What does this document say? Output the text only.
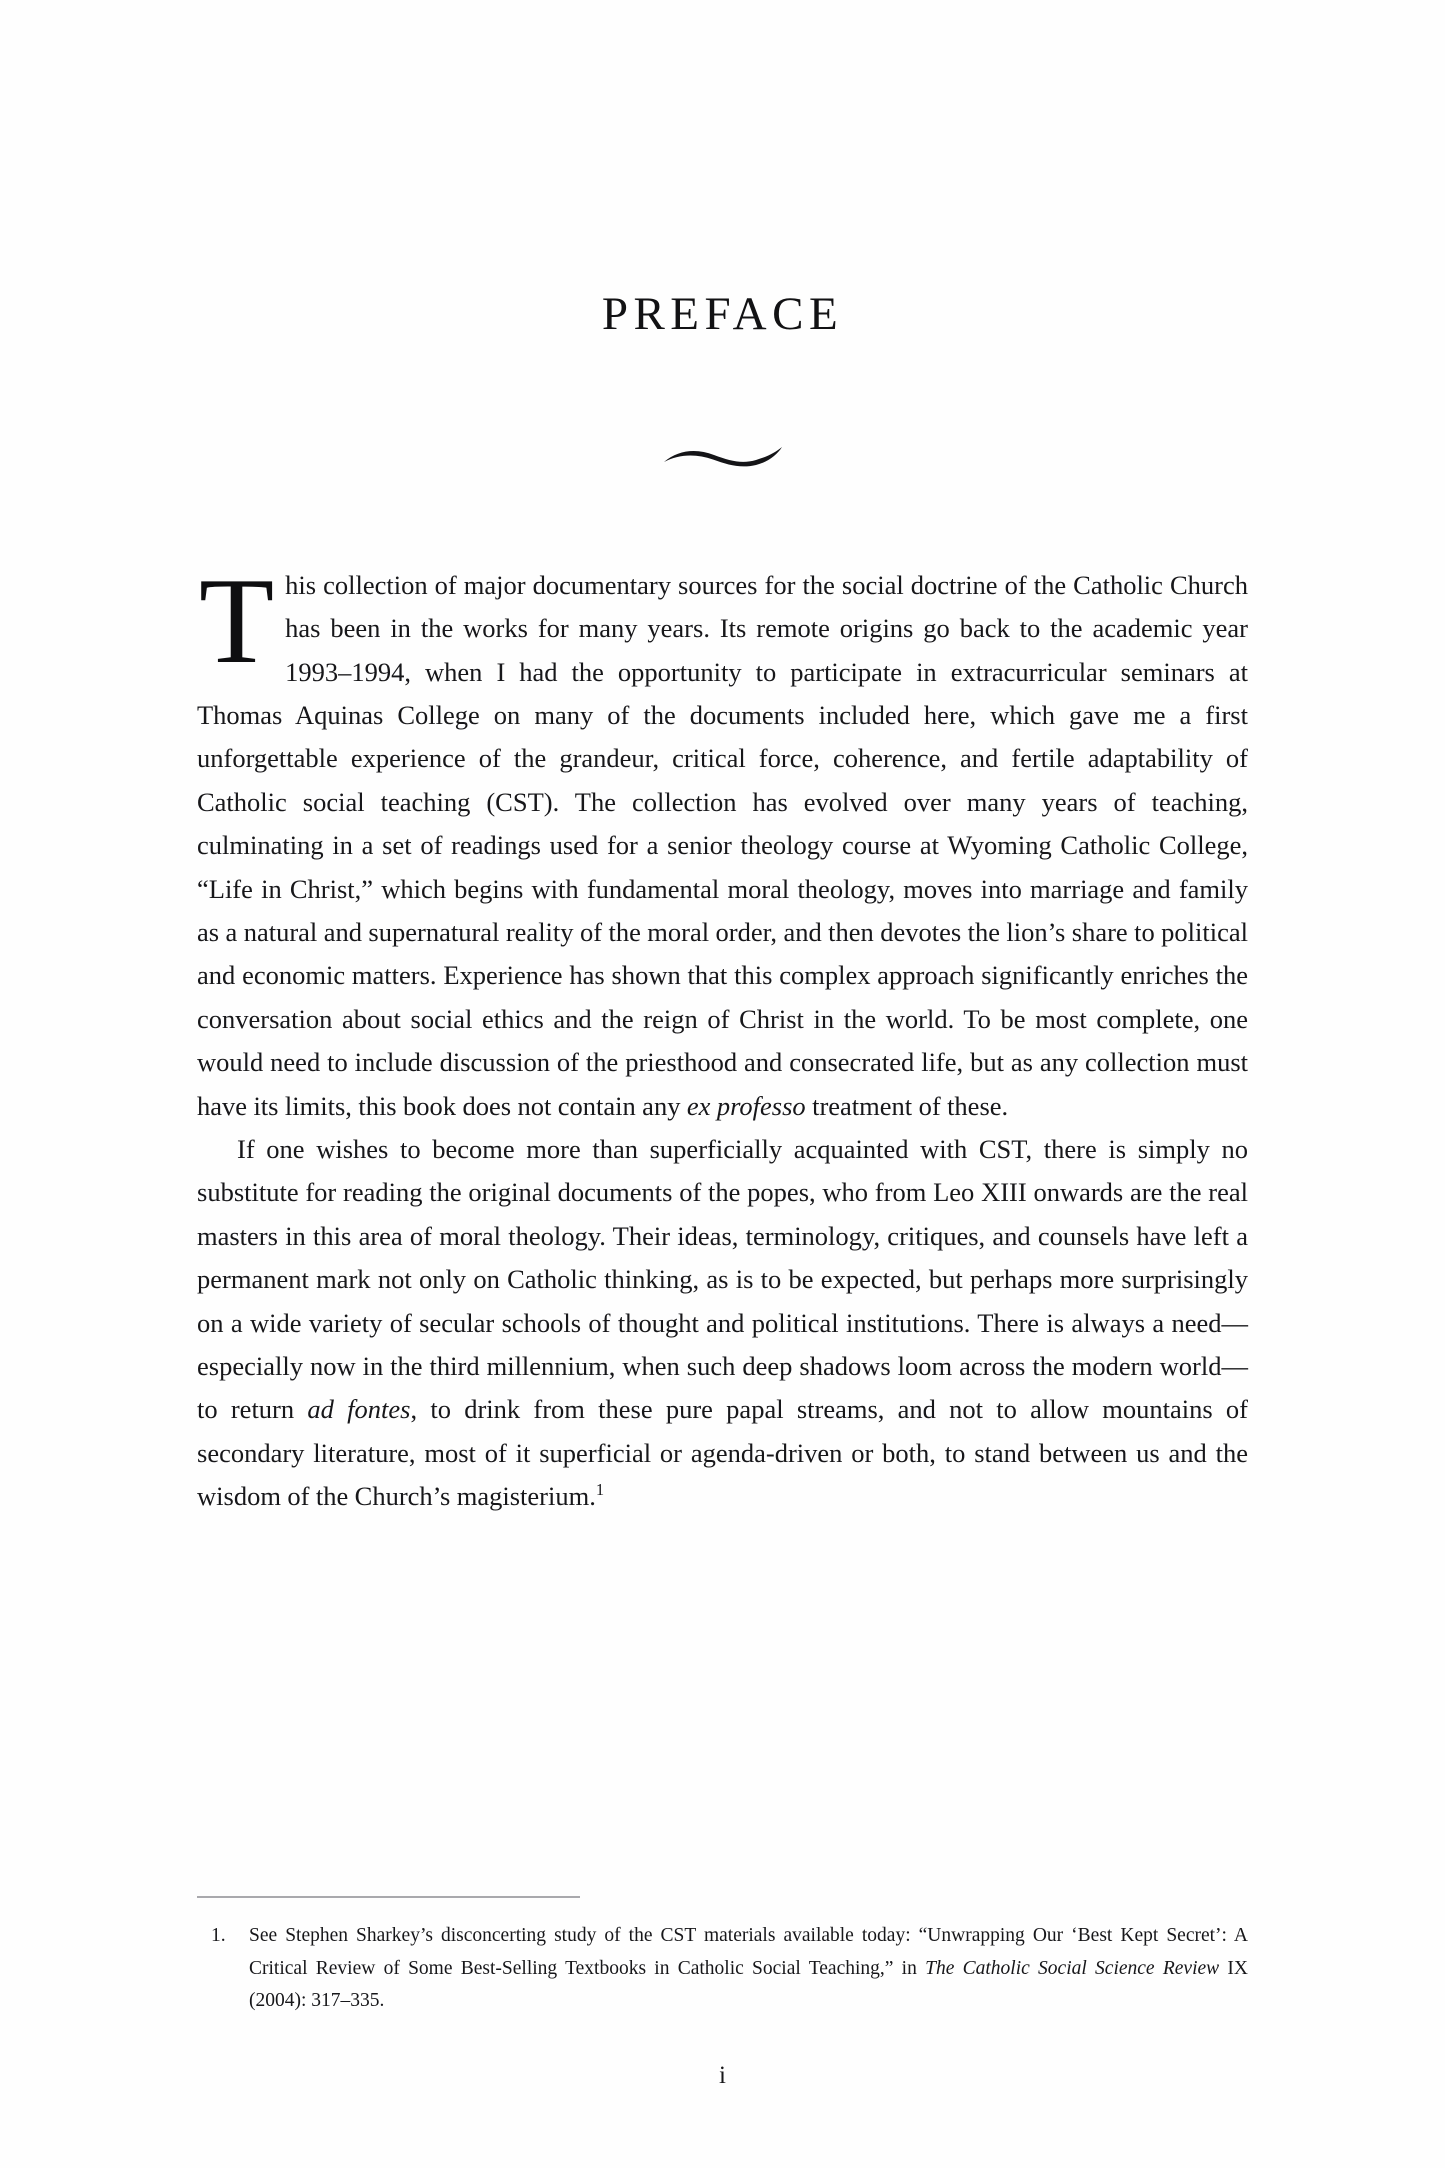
PREFACE

This collection of major documentary sources for the social doctrine of the Catholic Church has been in the works for many years. Its remote origins go back to the academic year 1993–1994, when I had the opportunity to participate in extracurricular seminars at Thomas Aquinas College on many of the documents included here, which gave me a first unforgettable experience of the grandeur, critical force, coherence, and fertile adaptability of Catholic social teaching (CST). The collection has evolved over many years of teaching, culminating in a set of readings used for a senior theology course at Wyoming Catholic College, “Life in Christ,” which begins with fundamental moral theology, moves into marriage and family as a natural and supernatural reality of the moral order, and then devotes the lion’s share to political and economic matters. Experience has shown that this complex approach significantly enriches the conversation about social ethics and the reign of Christ in the world. To be most complete, one would need to include discussion of the priesthood and consecrated life, but as any collection must have its limits, this book does not contain any ex professo treatment of these.

If one wishes to become more than superficially acquainted with CST, there is simply no substitute for reading the original documents of the popes, who from Leo XIII onwards are the real masters in this area of moral theology. Their ideas, terminology, critiques, and counsels have left a permanent mark not only on Catholic thinking, as is to be expected, but perhaps more surprisingly on a wide variety of secular schools of thought and political institutions. There is always a need—especially now in the third millennium, when such deep shadows loom across the modern world—to return ad fontes, to drink from these pure papal streams, and not to allow mountains of secondary literature, most of it superficial or agenda-driven or both, to stand between us and the wisdom of the Church’s magisterium.$^1$

1.	See Stephen Sharkey’s disconcerting study of the CST materials available today: “Unwrapping Our ‘Best Kept Secret’: A Critical Review of Some Best-Selling Textbooks in Catholic Social Teaching,” in The Catholic Social Science Review IX (2004): 317–335.
i
